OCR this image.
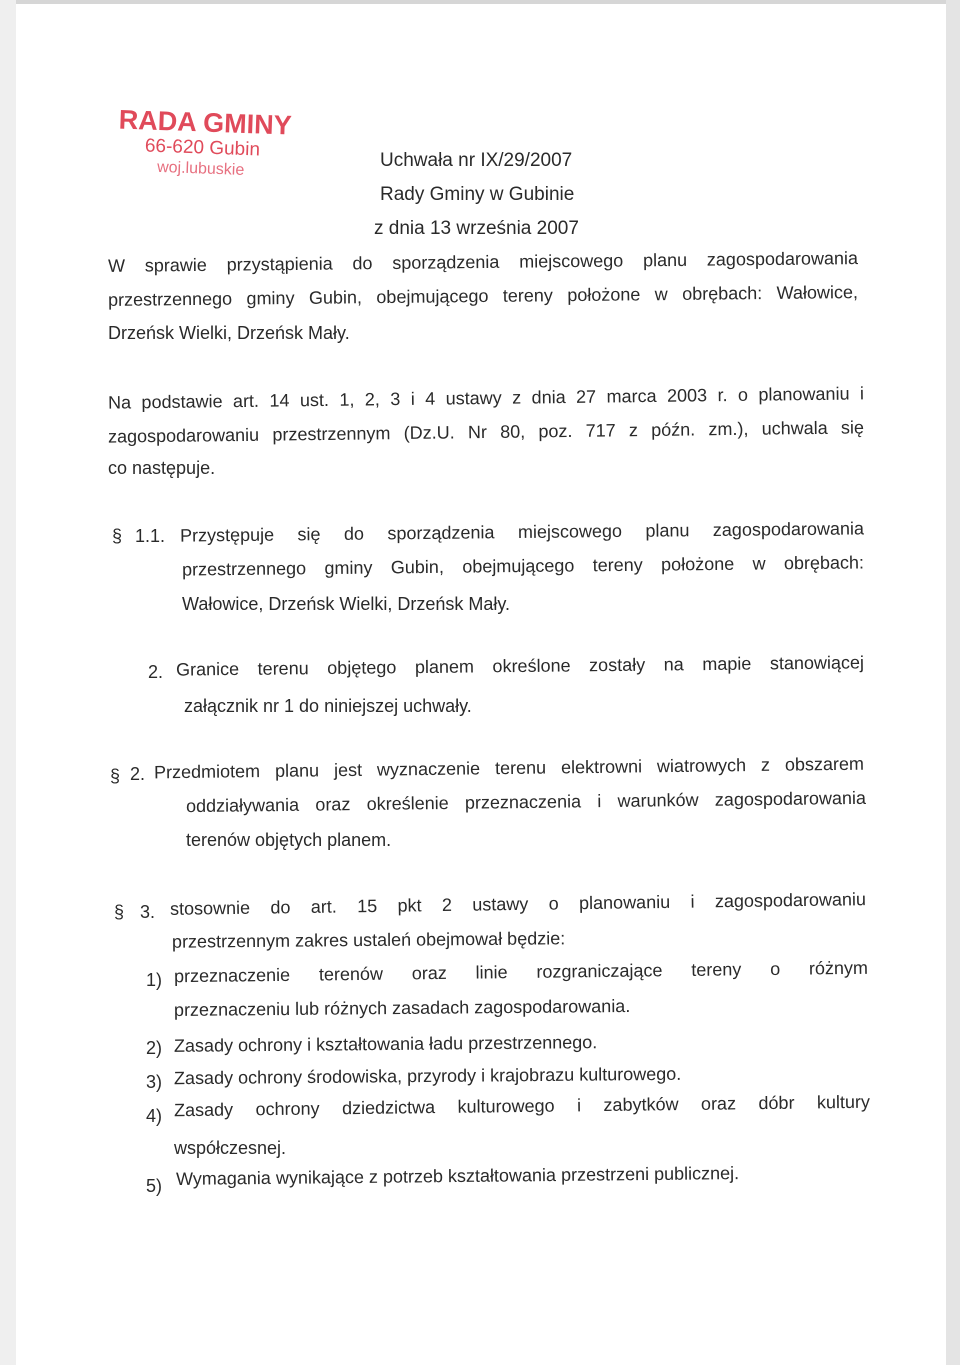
RADA GMINY
66-620 Gubin
woj.lubuskie	Uchwała nr IX/29/2007
Rady Gminy w Gubinie
z dnia 13 września 2007
W sprawie przystąpienia do sporządzenia miejscowego planu zagospodarowania
przestrzennego gminy Gubin, obejmującego tereny położone w obrębach: Wałowice,
Drzeńsk Wielki, Drzeńsk Mały.
Na podstawie art. 14 ust. 1, 2, 3 i 4 ustawy z dnia 27 marca 2003 r. o planowaniu i
zagospodarowaniu przestrzennym (Dz.U. Nr 80, poz. 717 z późn. zm.), uchwala się
co następuje.
§ 1.1. Przystępuje się do sporządzenia miejscowego planu zagospodarowania
przestrzennego gminy Gubin, obejmującego tereny położone w obrębach:
Wałowice, Drzeńsk Wielki, Drzeńsk Mały.
2. Granice terenu objętego planem określone zostały na mapie stanowiącej
załącznik nr 1 do niniejszej uchwały.
§ 2. Przedmiotem planu jest wyznaczenie terenu elektrowni wiatrowych z obszarem
oddziaływania oraz określenie przeznaczenia i warunków zagospodarowania
terenów objętych planem.
§ 3. stosownie do art. 15 pkt 2 ustawy o planowaniu i zagospodarowaniu
przestrzennym zakres ustaleń obejmował będzie:
1) przeznaczenie terenów oraz linie rozgraniczające tereny o różnym
przeznaczeniu lub różnych zasadach zagospodarowania.
2) Zasady ochrony i kształtowania ładu przestrzennego.
3) Zasady ochrony środowiska, przyrody i krajobrazu kulturowego.
4) Zasady ochrony dziedzictwa kulturowego i zabytków oraz dóbr kultury
współczesnej.
5) Wymagania wynikające z potrzeb kształtowania przestrzeni publicznej.
